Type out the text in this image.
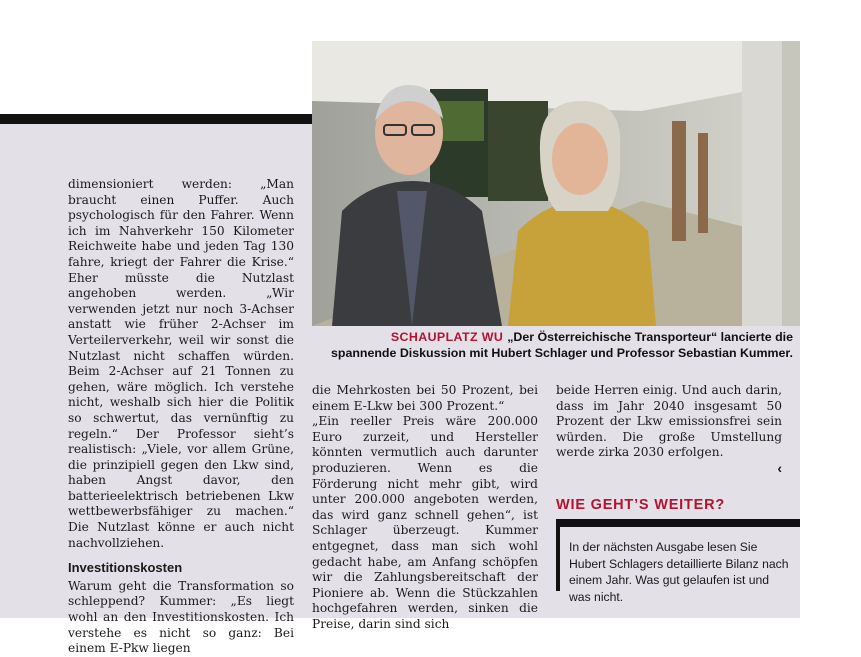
SCHAUPLATZ WU „Der Österreichische Transporteur“ lancierte die spannende Diskussion mit Hubert Schlager und Professor Sebastian Kummer.

dimensioniert werden: „Man braucht einen Puffer. Auch psychologisch für den Fahrer. Wenn ich im Nahverkehr 150 Kilometer Reichweite habe und jeden Tag 130 fahre, kriegt der Fahrer die Krise.“ Eher müsste die Nutzlast angehoben werden. „Wir verwenden jetzt nur noch 3-Achser anstatt wie früher 2-Achser im Verteilerverkehr, weil wir sonst die Nutzlast nicht schaffen würden. Beim 2-Achser auf 21 Tonnen zu gehen, wäre möglich. Ich verstehe nicht, weshalb sich hier die Politik so schwertut, das vernünftig zu regeln.“ Der Professor sieht’s realistisch: „Viele, vor allem Grüne, die prinzipiell gegen den Lkw sind, haben Angst davor, den batterieelektrisch betriebenen Lkw wettbewerbsfähiger zu machen.“ Die Nutzlast könne er auch nicht nachvollziehen.

Investitionskosten

Warum geht die Transformation so schleppend? Kummer: „Es liegt wohl an den Investitionskosten. Ich verstehe es nicht so ganz: Bei einem E-Pkw liegen

die Mehrkosten bei 50 Prozent, bei einem E-Lkw bei 300 Prozent.“

„Ein reeller Preis wäre 200.000 Euro zurzeit, und Hersteller könnten vermutlich auch darunter produzieren. Wenn es die Förderung nicht mehr gibt, wird unter 200.000 angeboten werden, das wird ganz schnell gehen“, ist Schlager überzeugt. Kummer entgegnet, dass man sich wohl gedacht habe, am Anfang schöpfen wir die Zahlungsbereitschaft der Pioniere ab. Wenn die Stückzahlen hochgefahren werden, sinken die Preise, darin sind sich

beide Herren einig. Und auch darin, dass im Jahr 2040 insgesamt 50 Prozent der Lkw emissionsfrei sein würden. Die große Umstellung werde zirka 2030 erfolgen.

‹
WIE GEHT’S WEITER?
In der nächsten Ausgabe lesen Sie Hubert Schlagers detaillierte Bilanz nach einem Jahr. Was gut gelaufen ist und was nicht.
